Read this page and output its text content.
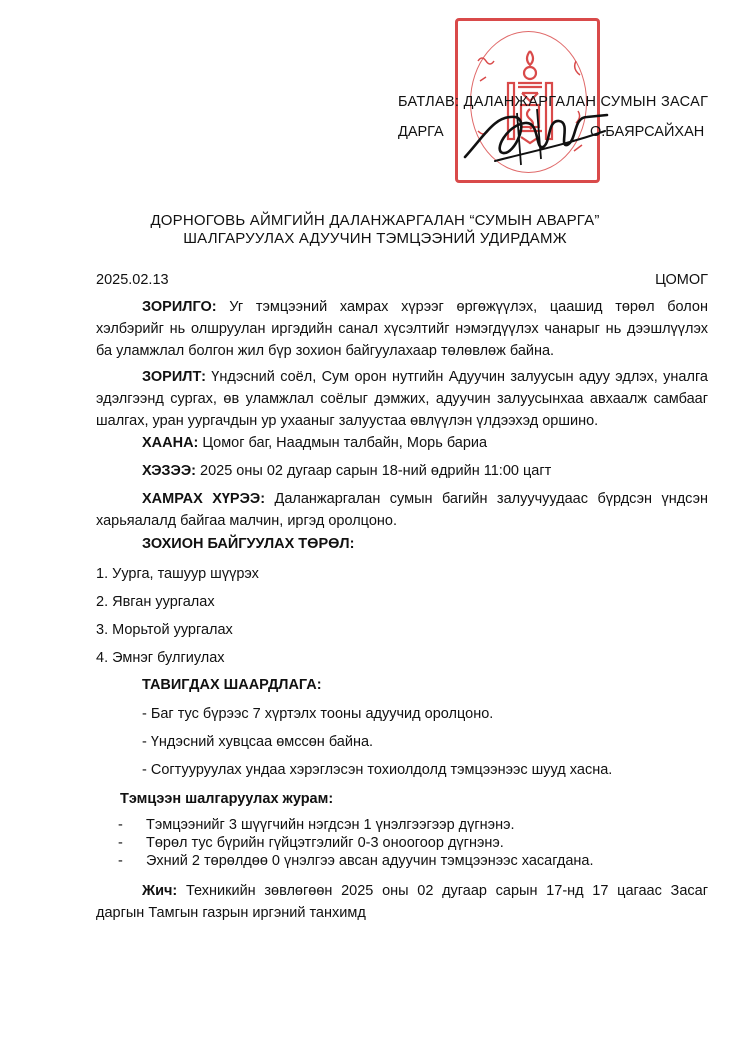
БАТЛАВ: ДАЛАНЖАРГАЛАН СУМЫН ЗАСАГ
ДАРГА	О.БАЯРСАЙХАН
ДОРНОГОВЬ АЙМГИЙН ДАЛАНЖАРГАЛАН “СУМЫН АВАРГА”
ШАЛГАРУУЛАХ АДУУЧИН ТЭМЦЭЭНИЙ УДИРДАМЖ
2025.02.13	ЦОМОГ
ЗОРИЛГО: Уг тэмцээний хамрах хүрээг өргөжүүлэх, цаашид төрөл болон хэлбэрийг нь олшруулан иргэдийн санал хүсэлтийг нэмэгдүүлэх чанарыг нь дээшлүүлэх ба уламжлал болгон жил бүр зохион байгуулахаар төлөвлөж байна.
ЗОРИЛТ: Үндэсний соёл, Сум орон нутгийн Адуучин залуусын адуу эдлэх, уналга эдэлгээнд сургах, өв уламжлал соёлыг дэмжих, адуучин залуусынхаа авхаалж самбааг шалгах, уран уургачдын ур ухааныг залуустаа өвлүүлэн үлдээхэд оршино.
ХААНА: Цомог баг, Наадмын талбайн, Морь бариа
ХЭЗЭЭ: 2025 оны 02 дугаар сарын 18-ний өдрийн 11:00 цагт
ХАМРАХ ХҮРЭЭ: Даланжаргалан сумын багийн залуучуудаас бүрдсэн үндсэн харьяалалд байгаа малчин, иргэд оролцоно.
ЗОХИОН БАЙГУУЛАХ ТӨРӨЛ:
1. Уурга, ташуур шүүрэх
2. Явган уургалах
3. Морьтой уургалах
4. Эмнэг булгиулах
ТАВИГДАХ ШААРДЛАГА:
- Баг тус бүрээс 7 хүртэлх тооны адуучид оролцоно.
- Үндэсний хувцсаа өмссөн байна.
- Согтууруулах ундаа хэрэглэсэн тохиолдолд тэмцээнээс шууд хасна.
Тэмцээн шалгаруулах журам:
- Тэмцээнийг 3 шүүгчийн нэгдсэн 1 үнэлгээгээр дүгнэнэ.
- Төрөл тус бүрийн гүйцэтгэлийг 0-3 оноогоор дүгнэнэ.
- Эхний 2 төрөлдөө 0 үнэлгээ авсан адуучин тэмцээнээс хасагдана.
Жич: Техникийн зөвлөгөөн 2025 оны 02 дугаар сарын 17-нд 17 цагаас Засаг даргын Тамгын газрын иргэний танхимд
